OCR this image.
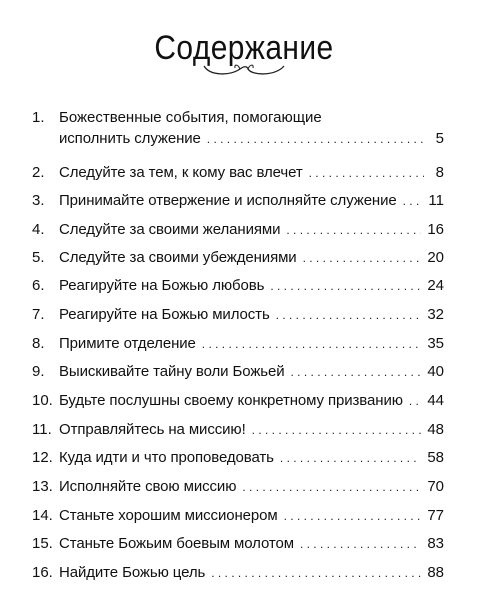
Содержание
1. Божественные события, помогающие
исполнить служение . . .	5
2. Следуйте за тем, к кому вас влечет . . .	8
3. Принимайте отвержение и исполняйте служение . . . 11
4. Следуйте за своими желаниями . . .	16
5. Следуйте за своими убеждениями . . .	20
6. Реагируйте на Божью любовь . . .	24
7. Реагируйте на Божью милость . . .	32
8. Примите отделение . . .	35
9. Выискивайте тайну воли Божьей . . .	40
10. Будьте послушны своему конкретному призванию . . . 44
11. Отправляйтесь на миссию! . . .	48
12. Куда идти и что проповедовать . . .	58
13. Исполняйте свою миссию . . .	70
14. Станьте хорошим миссионером . . .	77
15. Станьте Божьим боевым молотом . . .	83
16. Найдите Божью цель . . .	88
